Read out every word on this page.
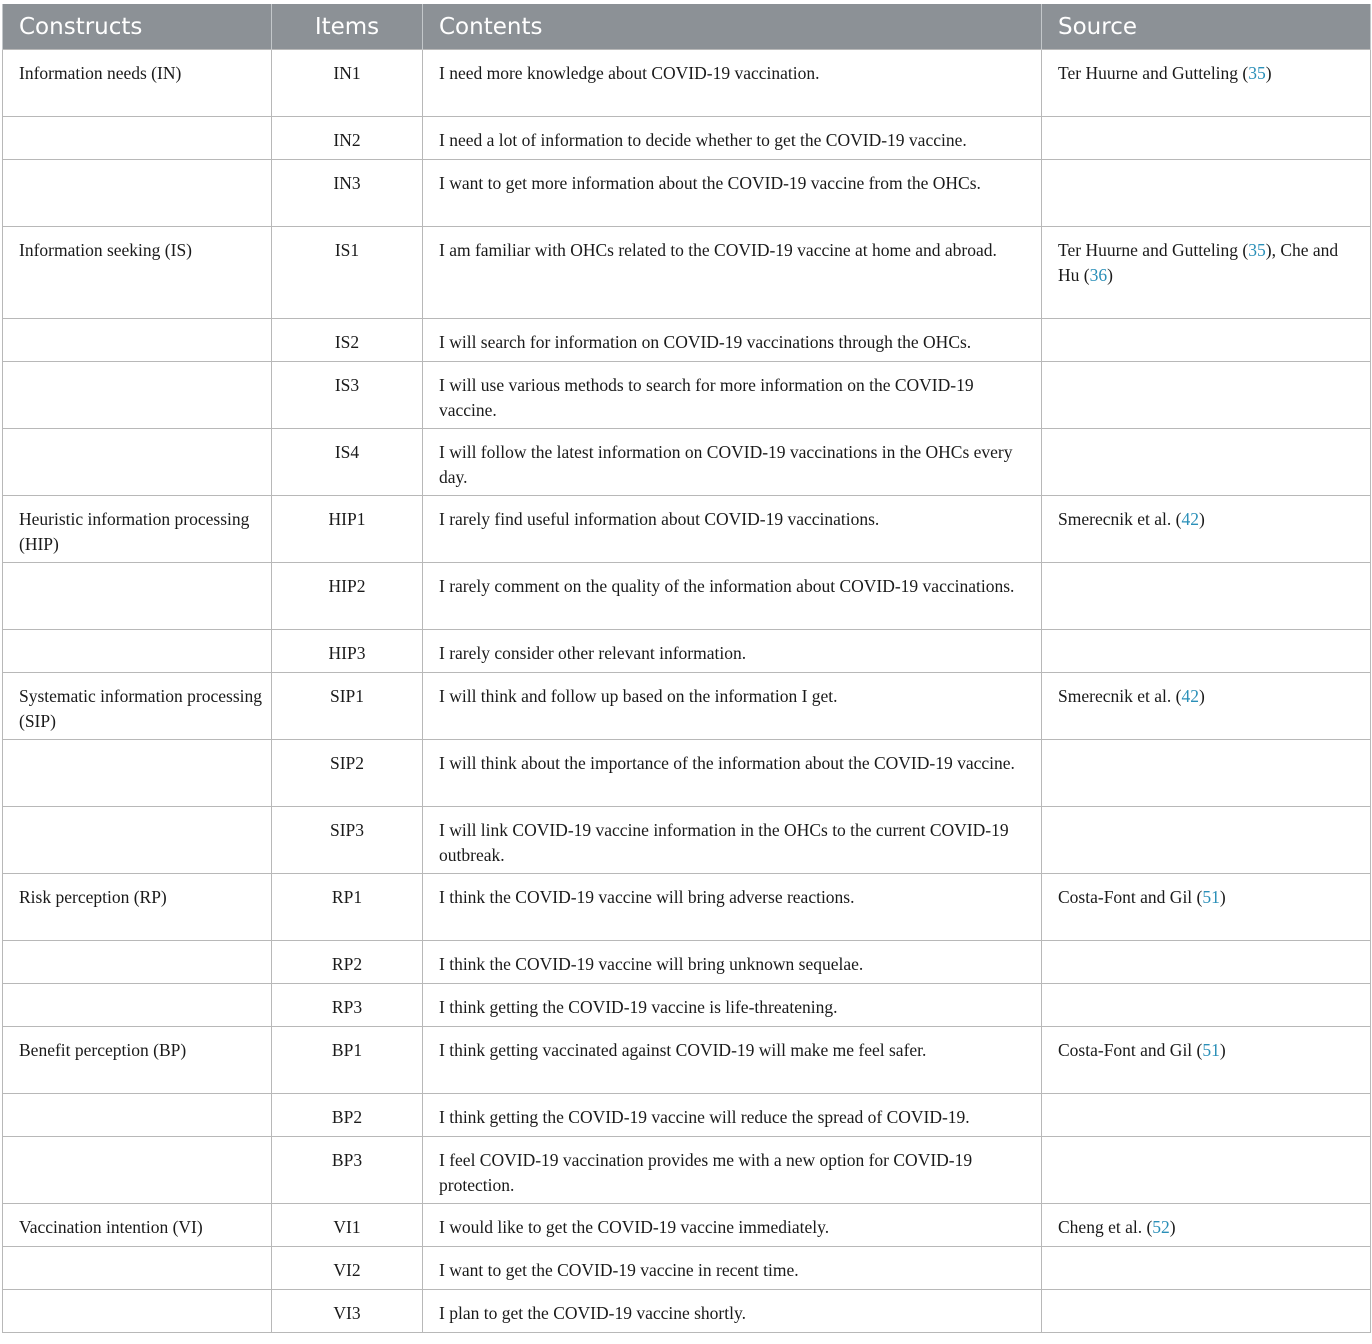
Constructs	Items	Contents	Source
Information needs (IN)	IN1	I need more knowledge about COVID-19 vaccination.	Ter Huurne and Gutteling (35)
	IN2	I need a lot of information to decide whether to get the COVID-19 vaccine.	
	IN3	I want to get more information about the COVID-19 vaccine from the OHCs.	
Information seeking (IS)	IS1	I am familiar with OHCs related to the COVID-19 vaccine at home and abroad.	Ter Huurne and Gutteling (35), Che and Hu (36)
	IS2	I will search for information on COVID-19 vaccinations through the OHCs.	
	IS3	I will use various methods to search for more information on the COVID-19 vaccine.	
	IS4	I will follow the latest information on COVID-19 vaccinations in the OHCs every day.	
Heuristic information processing (HIP)	HIP1	I rarely find useful information about COVID-19 vaccinations.	Smerecnik et al. (42)
	HIP2	I rarely comment on the quality of the information about COVID-19 vaccinations.	
	HIP3	I rarely consider other relevant information.	
Systematic information processing (SIP)	SIP1	I will think and follow up based on the information I get.	Smerecnik et al. (42)
	SIP2	I will think about the importance of the information about the COVID-19 vaccine.	
	SIP3	I will link COVID-19 vaccine information in the OHCs to the current COVID-19 outbreak.	
Risk perception (RP)	RP1	I think the COVID-19 vaccine will bring adverse reactions.	Costa-Font and Gil (51)
	RP2	I think the COVID-19 vaccine will bring unknown sequelae.	
	RP3	I think getting the COVID-19 vaccine is life-threatening.	
Benefit perception (BP)	BP1	I think getting vaccinated against COVID-19 will make me feel safer.	Costa-Font and Gil (51)
	BP2	I think getting the COVID-19 vaccine will reduce the spread of COVID-19.	
	BP3	I feel COVID-19 vaccination provides me with a new option for COVID-19 protection.	
Vaccination intention (VI)	VI1	I would like to get the COVID-19 vaccine immediately.	Cheng et al. (52)
	VI2	I want to get the COVID-19 vaccine in recent time.	
	VI3	I plan to get the COVID-19 vaccine shortly.	
